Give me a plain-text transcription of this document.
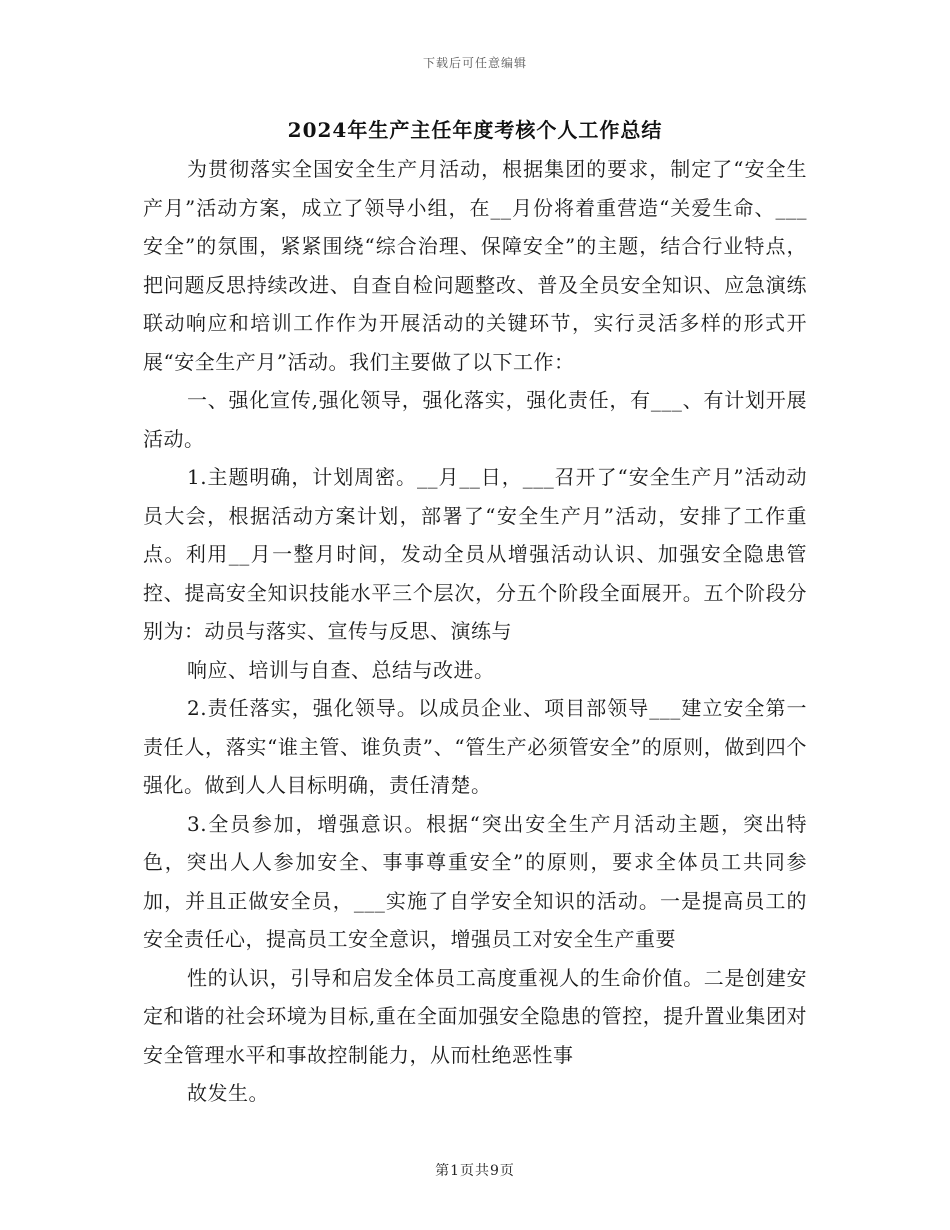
下载后可任意编辑
2024年生产主任年度考核个人工作总结

为贯彻落实全国安全生产月活动，根据集团的要求，制定了“安全生产月”活动方案，成立了领导小组，在__月份将着重营造“关爱生命、___安全”的氛围，紧紧围绕“综合治理、保障安全”的主题，结合行业特点，把问题反思持续改进、自查自检问题整改、普及全员安全知识、应急演练联动响应和培训工作作为开展活动的关键环节，实行灵活多样的形式开展“安全生产月”活动。我们主要做了以下工作：

一、强化宣传,强化领导，强化落实，强化责任，有___、有计划开展活动。

1.主题明确，计划周密。__月__日，___召开了“安全生产月”活动动员大会，根据活动方案计划，部署了“安全生产月”活动，安排了工作重点。利用__月一整月时间，发动全员从增强活动认识、加强安全隐患管控、提高安全知识技能水平三个层次，分五个阶段全面展开。五个阶段分别为：动员与落实、宣传与反思、演练与

响应、培训与自查、总结与改进。

2.责任落实，强化领导。以成员企业、项目部领导___建立安全第一责任人，落实“谁主管、谁负责”、“管生产必须管安全”的原则，做到四个强化。做到人人目标明确，责任清楚。

3.全员参加，增强意识。根据“突出安全生产月活动主题，突出特色，突出人人参加安全、事事尊重安全”的原则，要求全体员工共同参加，并且正做安全员，___实施了自学安全知识的活动。一是提高员工的安全责任心，提高员工安全意识，增强员工对安全生产重要

性的认识，引导和启发全体员工高度重视人的生命价值。二是创建安定和谐的社会环境为目标,重在全面加强安全隐患的管控，提升置业集团对安全管理水平和事故控制能力，从而杜绝恶性事

故发生。

第1页共9页
